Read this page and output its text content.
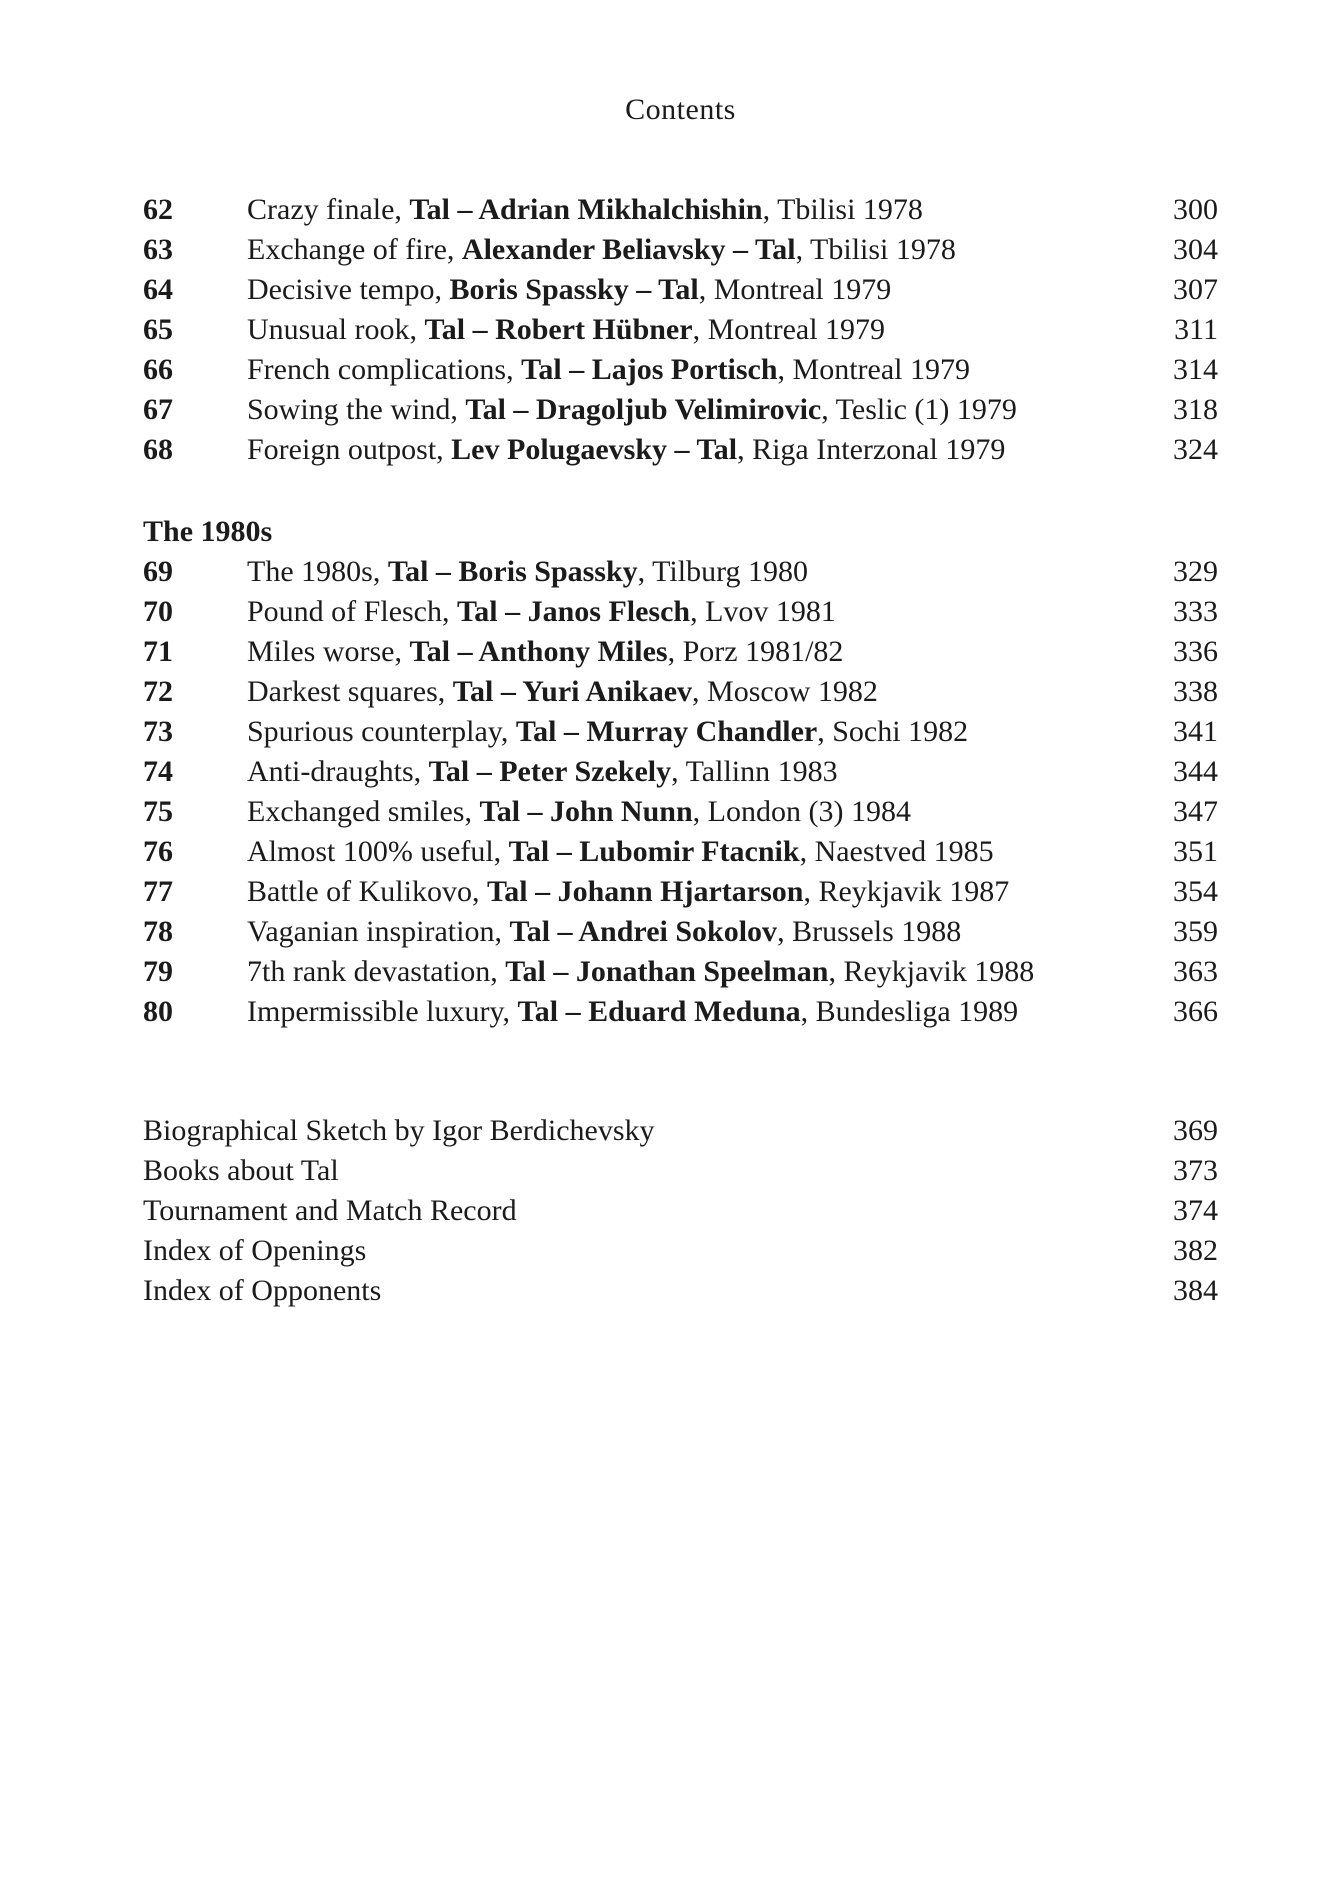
Contents
62	Crazy finale, Tal – Adrian Mikhalchishin, Tbilisi 1978	300
63	Exchange of fire, Alexander Beliavsky – Tal, Tbilisi 1978	304
64	Decisive tempo, Boris Spassky – Tal, Montreal 1979	307
65	Unusual rook, Tal – Robert Hübner, Montreal 1979	311
66	French complications, Tal – Lajos Portisch, Montreal 1979	314
67	Sowing the wind, Tal – Dragoljub Velimirovic, Teslic (1) 1979	318
68	Foreign outpost, Lev Polugaevsky – Tal, Riga Interzonal 1979	324
The 1980s
69	The 1980s, Tal – Boris Spassky, Tilburg 1980	329
70	Pound of Flesch, Tal – Janos Flesch, Lvov 1981	333
71	Miles worse, Tal – Anthony Miles, Porz 1981/82	336
72	Darkest squares, Tal – Yuri Anikaev, Moscow 1982	338
73	Spurious counterplay, Tal – Murray Chandler, Sochi 1982	341
74	Anti-draughts, Tal – Peter Szekely, Tallinn 1983	344
75	Exchanged smiles, Tal – John Nunn, London (3) 1984	347
76	Almost 100% useful, Tal – Lubomir Ftacnik, Naestved 1985	351
77	Battle of Kulikovo, Tal – Johann Hjartarson, Reykjavik 1987	354
78	Vaganian inspiration, Tal – Andrei Sokolov, Brussels 1988	359
79	7th rank devastation, Tal – Jonathan Speelman, Reykjavik 1988	363
80	Impermissible luxury, Tal – Eduard Meduna, Bundesliga 1989	366
Biographical Sketch by Igor Berdichevsky	369
Books about Tal	373
Tournament and Match Record	374
Index of Openings	382
Index of Opponents	384
